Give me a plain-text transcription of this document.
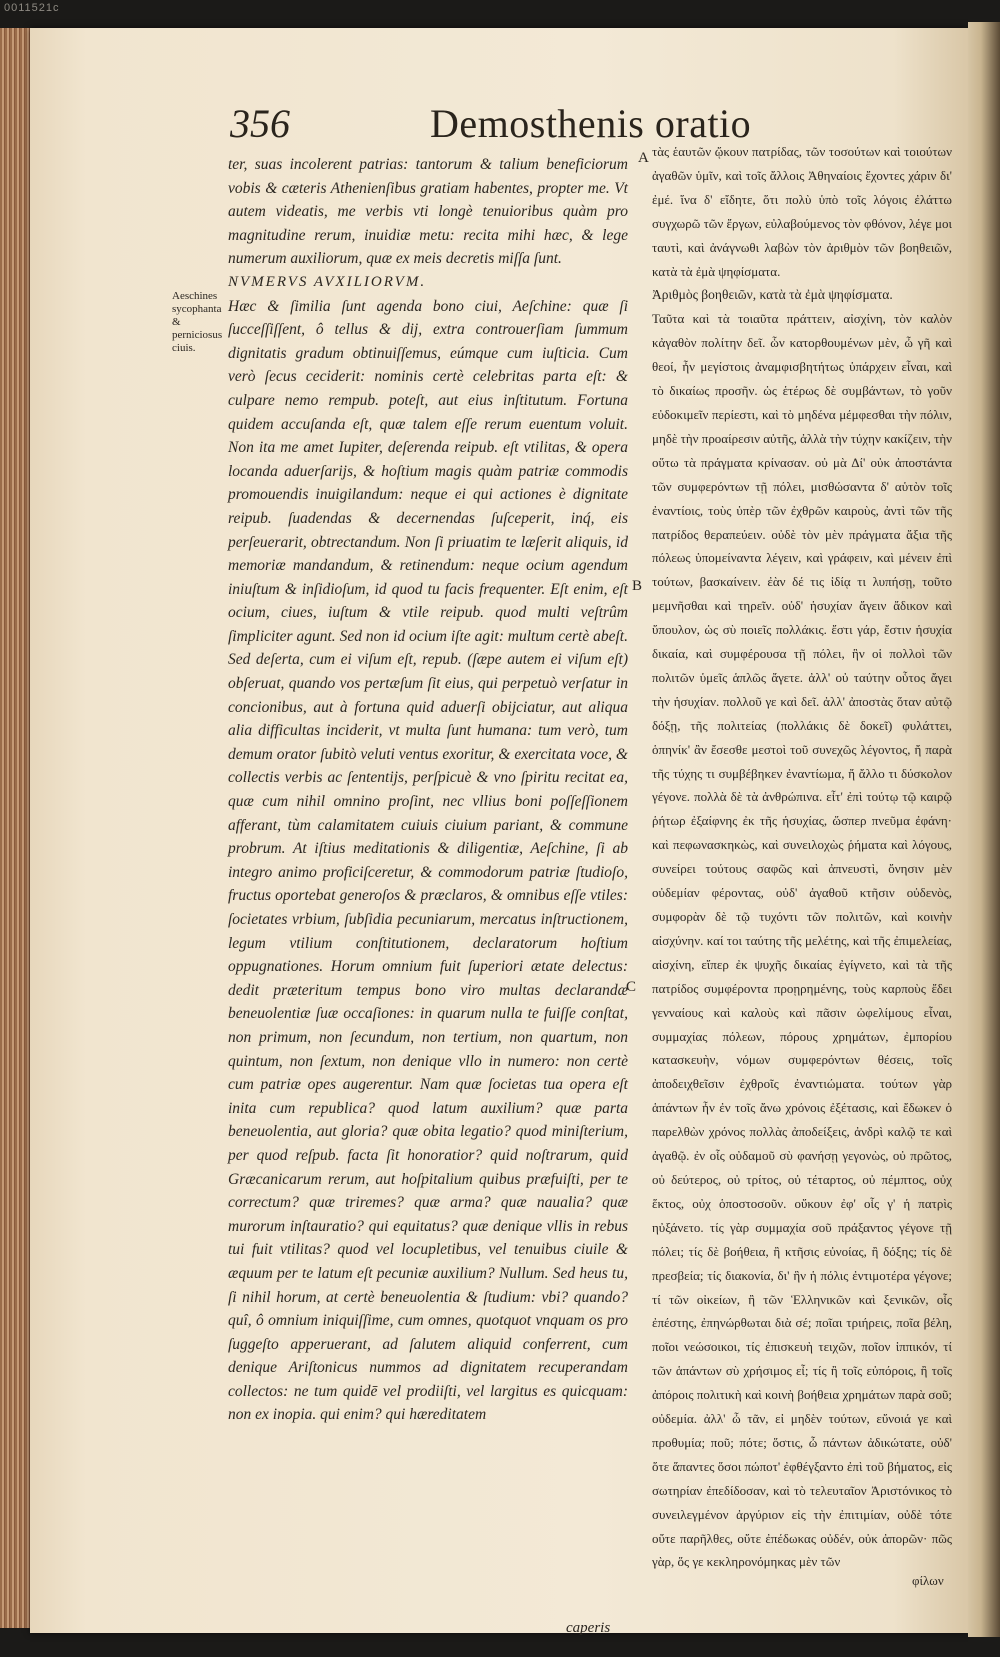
0011521c
356	Demosthenis oratio
Aeschines sycophanta & perniciosus ciuis.

ter, suas incolerent patrias: tantorum & talium beneficiorum vobis & cæteris Athenienſibus gratiam habentes, propter me. Vt autem videatis, me verbis vti longè tenuioribus quàm pro magnitudine rerum, inuidiæ metu: recita mihi hæc, & lege numerum auxiliorum, quæ ex meis decretis miſſa ſunt.

NVMERVS AVXILIORVM.

Hæc & ſimilia ſunt agenda bono ciui, Aeſchine: quæ ſi ſucceſſiſſent, ô tellus & dij, extra controuerſiam ſummum dignitatis gradum obtinuiſſemus, eúmque cum iuſticia. Cum verò ſecus ceciderit: nominis certè celebritas parta eſt: & culpare nemo rempub. poteſt, aut eius inſtitutum. Fortuna quidem accuſanda eſt, quæ talem eſſe rerum euentum voluit. Non ita me amet Iupiter, deſerenda reipub. eſt vtilitas, & opera locanda aduerſarijs, & hoſtium magis quàm patriæ commodis promouendis inuigilandum: neque ei qui actiones è dignitate reipub. ſuadendas & decernendas ſuſceperit, inq́, eis perſeuerarit, obtrectandum. Non ſi priuatim te læſerit aliquis, id memoriæ mandandum, & retinendum: neque ocium agendum iniuſtum & inſidioſum, id quod tu facis frequenter. Eſt enim, eſt ocium, ciues, iuſtum & vtile reipub. quod multi veſtrûm ſimpliciter agunt. Sed non id ocium iſte agit: multum certè abeſt. Sed deſerta, cum ei viſum eſt, repub. (ſæpe autem ei viſum eſt) obſeruat, quando vos pertæſum ſit eius, qui perpetuò verſatur in concionibus, aut à fortuna quid aduerſi obijciatur, aut aliqua alia difficultas inciderit, vt multa ſunt humana: tum verò, tum demum orator ſubitò veluti ventus exoritur, & exercitata voce, & collectis verbis ac ſententijs, perſpicuè & vno ſpiritu recitat ea, quæ cum nihil omnino proſint, nec vllius boni poſſeſſionem afferant, tùm calamitatem cuiuis ciuium pariant, & commune probrum. At iſtius meditationis & diligentiæ, Aeſchine, ſi ab integro animo proficiſceretur, & commodorum patriæ ſtudioſo, fructus oportebat generoſos & præclaros, & omnibus eſſe vtiles: ſocietates vrbium, ſubſidia pecuniarum, mercatus inſtructionem, legum vtilium conſtitutionem, declaratorum hoſtium oppugnationes. Horum omnium fuit ſuperiori ætate delectus: dedit præteritum tempus bono viro multas declarandæ beneuolentiæ ſuæ occaſiones: in quarum nulla te fuiſſe conſtat, non primum, non ſecundum, non tertium, non quartum, non quintum, non ſextum, non denique vllo in numero: non certè cum patriæ opes augerentur. Nam quæ ſocietas tua opera eſt inita cum republica? quod latum auxilium? quæ parta beneuolentia, aut gloria? quæ obita legatio? quod miniſterium, per quod reſpub. facta ſit honoratior? quid noſtrarum, quid Græcanicarum rerum, aut hoſpitalium quibus præfuiſti, per te correctum? quæ triremes? quæ arma? quæ naualia? quæ murorum inſtauratio? qui equitatus? quæ denique vllis in rebus tui fuit vtilitas? quod vel locupletibus, vel tenuibus ciuile & æquum per te latum eſt pecuniæ auxilium? Nullum. Sed heus tu, ſi nihil horum, at certè beneuolentia & ſtudium: vbi? quando? quî, ô omnium iniquiſſime, cum omnes, quotquot vnquam os pro ſuggeſto apperuerant, ad ſalutem aliquid conferrent, cum denique Ariſtonicus nummos ad dignitatem recuperandam collectos: ne tum quidē vel prodiiſti, vel largitus es quicquam: non ex inopia. qui enim? qui hæreditatem

caperis
A
B
C

τὰς ἑαυτῶν ᾤκουν πατρίδας, τῶν τοσούτων καὶ τοιούτων ἀγαθῶν ὑμῖν, καὶ τοῖς ἄλλοις Ἀθηναίοις ἔχοντες χάριν δι' ἐμέ. ἵνα δ' εἴδητε, ὅτι πολὺ ὑπὸ τοῖς λόγοις ἐλάττω συγχωρῶ τῶν ἔργων, εὐλαβούμενος τὸν φθόνον, λέγε μοι ταυτὶ, καὶ ἀνάγνωθι λαβὼν τὸν ἀριθμὸν τῶν βοηθειῶν, κατὰ τὰ ἐμὰ ψηφίσματα.

Ἀριθμὸς βοηθειῶν, κατὰ τὰ ἐμὰ ψηφίσματα.

Ταῦτα καὶ τὰ τοιαῦτα πράττειν, αἰσχίνη, τὸν καλὸν κἀγαθὸν πολίτην δεῖ. ὧν κατορθουμένων μὲν, ὦ γῆ καὶ θεοί, ἦν μεγίστοις ἀναμφισβητήτως ὑπάρχειν εἶναι, καὶ τὸ δικαίως προσῆν. ὡς ἑτέρως δὲ συμβάντων, τὸ γοῦν εὐδοκιμεῖν περίεστι, καὶ τὸ μηδένα μέμφεσθαι τὴν πόλιν, μηδὲ τὴν προαίρεσιν αὐτῆς, ἀλλὰ τὴν τύχην κακίζειν, τὴν οὕτω τὰ πράγματα κρίνασαν. οὐ μὰ Δί' οὐκ ἀποστάντα τῶν συμφερόντων τῇ πόλει, μισθώσαντα δ' αὑτὸν τοῖς ἐναντίοις, τοὺς ὑπὲρ τῶν ἐχθρῶν καιροὺς, ἀντὶ τῶν τῆς πατρίδος θεραπεύειν. οὐδὲ τὸν μὲν πράγματα ἄξια τῆς πόλεως ὑπομείναντα λέγειν, καὶ γράφειν, καὶ μένειν ἐπὶ τούτων, βασκαίνειν. ἐὰν δέ τις ἰδίᾳ τι λυπήσῃ, τοῦτο μεμνῆσθαι καὶ τηρεῖν. οὐδ' ἡσυχίαν ἄγειν ἄδικον καὶ ὕπουλον, ὡς σὺ ποιεῖς πολλάκις. ἔστι γάρ, ἔστιν ἡσυχία δικαία, καὶ συμφέρουσα τῇ πόλει, ἣν οἱ πολλοὶ τῶν πολιτῶν ὑμεῖς ἁπλῶς ἄγετε. ἀλλ' οὐ ταύτην οὗτος ἄγει τὴν ἡσυχίαν. πολλοῦ γε καὶ δεῖ. ἀλλ' ἀποστὰς ὅταν αὐτῷ δόξῃ, τῆς πολιτείας (πολλάκις δὲ δοκεῖ) φυλάττει, ὁπηνίκ' ἂν ἔσεσθε μεστοὶ τοῦ συνεχῶς λέγοντος, ἤ παρὰ τῆς τύχης τι συμβέβηκεν ἐναντίωμα, ἤ ἄλλο τι δύσκολον γέγονε. πολλὰ δὲ τὰ ἀνθρώπινα. εἶτ' ἐπὶ τούτῳ τῷ καιρῷ ῥήτωρ ἐξαίφνης ἐκ τῆς ἡσυχίας, ὥσπερ πνεῦμα ἐφάνη· καὶ πεφωνασκηκὼς, καὶ συνειλοχὼς ῥήματα καὶ λόγους, συνείρει τούτους σαφῶς καὶ ἀπνευστὶ, ὄνησιν μὲν οὐδεμίαν φέροντας, οὐδ' ἀγαθοῦ κτῆσιν οὐδενὸς, συμφορὰν δὲ τῷ τυχόντι τῶν πολιτῶν, καὶ κοινὴν αἰσχύνην. καί τοι ταύτης τῆς μελέτης, καὶ τῆς ἐπιμελείας, αἰσχίνη, εἴπερ ἐκ ψυχῆς δικαίας ἐγίγνετο, καὶ τὰ τῆς πατρίδος συμφέροντα προῃρημένης, τοὺς καρποὺς ἔδει γενναίους καὶ καλοὺς καὶ πᾶσιν ὠφελίμους εἶναι, συμμαχίας πόλεων, πόρους χρημάτων, ἐμπορίου κατασκευὴν, νόμων συμφερόντων θέσεις, τοῖς ἀποδειχθεῖσιν ἐχθροῖς ἐναντιώματα. τούτων γὰρ ἁπάντων ἦν ἐν τοῖς ἄνω χρόνοις ἐξέτασις, καὶ ἔδωκεν ὁ παρελθὼν χρόνος πολλὰς ἀποδείξεις, ἀνδρὶ καλῷ τε καὶ ἀγαθῷ. ἐν οἷς οὐδαμοῦ σὺ φανήσῃ γεγονὼς, οὐ πρῶτος, οὐ δεύτερος, οὐ τρίτος, οὐ τέταρτος, οὐ πέμπτος, οὐχ ἕκτος, οὐχ ὁποστοσοῦν. οὔκουν ἐφ' οἷς γ' ἡ πατρὶς ηὐξάνετο. τίς γὰρ συμμαχία σοῦ πράξαντος γέγονε τῇ πόλει; τίς δὲ βοήθεια, ἢ κτῆσις εὐνοίας, ἢ δόξης; τίς δὲ πρεσβεία; τίς διακονία, δι' ἣν ἡ πόλις ἐντιμοτέρα γέγονε; τί τῶν οἰκείων, ἢ τῶν Ἑλληνικῶν καὶ ξενικῶν, οἷς ἐπέστης, ἐπηνώρθωται διὰ σέ; ποῖαι τριήρεις, ποῖα βέλη, ποῖοι νεώσοικοι, τίς ἐπισκευὴ τειχῶν, ποῖον ἱππικόν, τί τῶν ἁπάντων σὺ χρήσιμος εἶ; τίς ἢ τοῖς εὐπόροις, ἢ τοῖς ἀπόροις πολιτικὴ καὶ κοινὴ βοήθεια χρημάτων παρὰ σοῦ; οὐδεμία. ἀλλ' ὦ τᾶν, εἰ μηδὲν τούτων, εὔνοιά γε καὶ προθυμία; ποῦ; πότε; ὅστις, ὦ πάντων ἀδικώτατε, οὐδ' ὅτε ἅπαντες ὅσοι πώποτ' ἐφθέγξαντο ἐπὶ τοῦ βήματος, εἰς σωτηρίαν ἐπεδίδοσαν, καὶ τὸ τελευταῖον Ἀριστόνικος τὸ συνειλεγμένον ἀργύριον εἰς τὴν ἐπιτιμίαν, οὐδὲ τότε οὔτε παρῆλθες, οὔτε ἐπέδωκας οὐδέν, οὐκ ἀπορῶν· πῶς γὰρ, ὅς γε κεκληρονόμηκας μὲν τῶν

φίλων
